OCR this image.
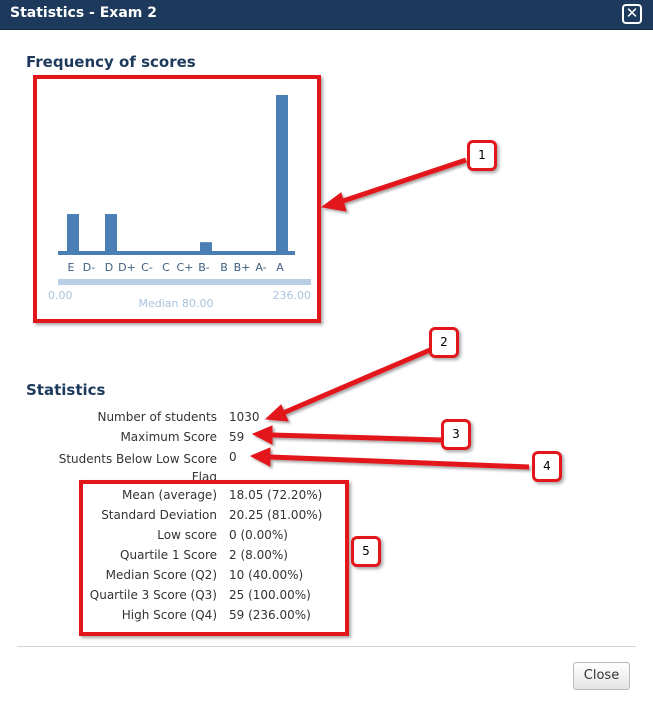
Statistics - Exam 2	✕
Frequency of scores
E D- D D+ C- C C+ B- B B+ A- A
0.00	236.00
Median 80.00
Statistics
Number of students 1030
Maximum Score 59
Students Below Low Score Flag
0
Mean (average) 18.05 (72.20%)
Standard Deviation 20.25 (81.00%)
Low score 0 (0.00%)
Quartile 1 Score 2 (8.00%)
Median Score (Q2) 10 (40.00%)
Quartile 3 Score (Q3) 25 (100.00%)
High Score (Q4) 59 (236.00%)
1
2
3
4
5
Close
